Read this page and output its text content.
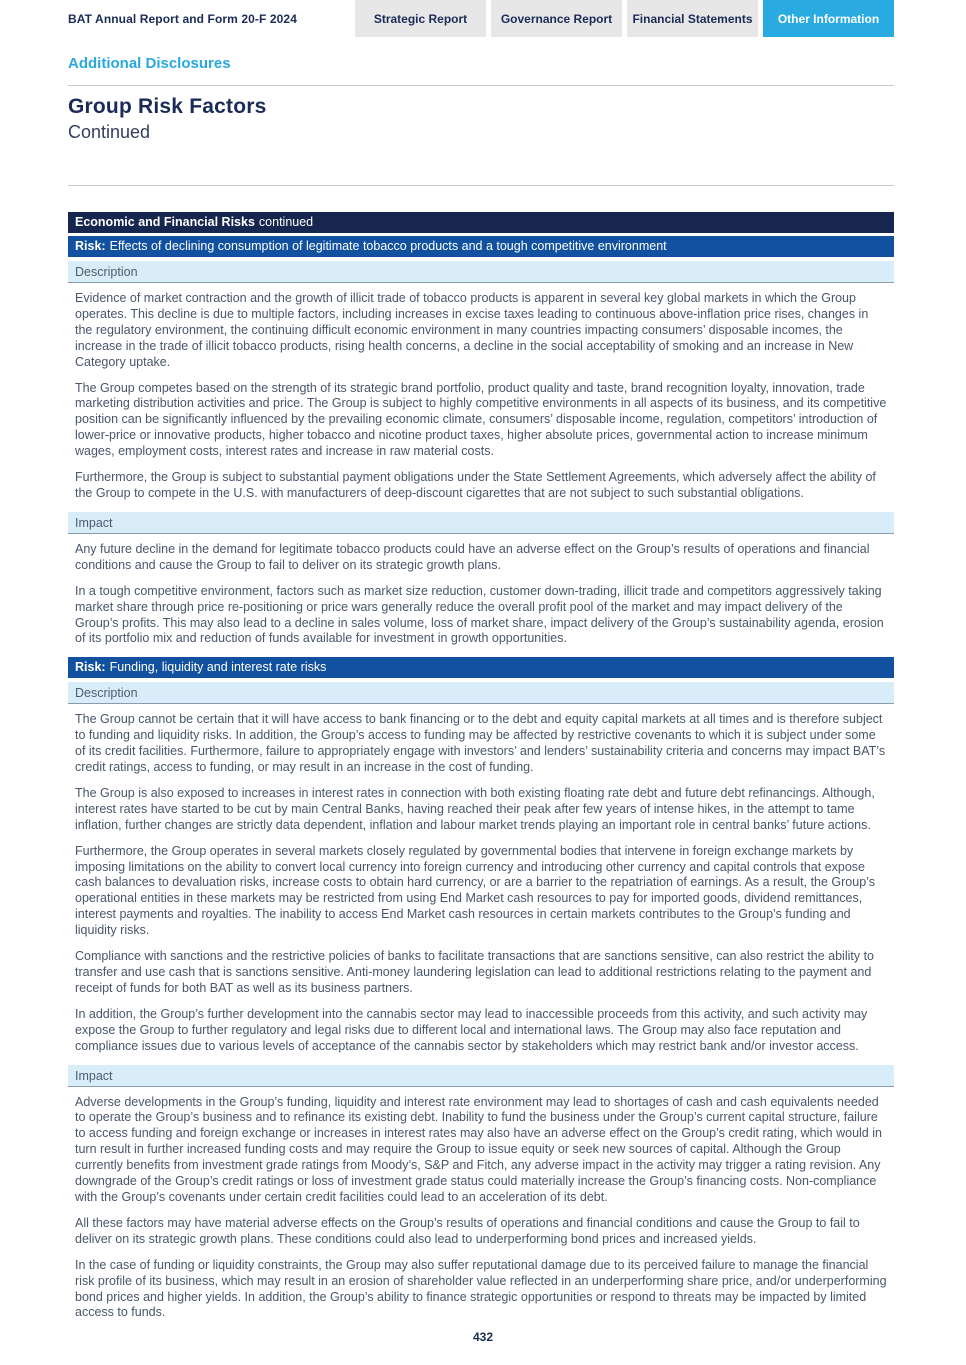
BAT Annual Report and Form 20-F 2024	Strategic Report	Governance Report Financial Statements Other Information
Additional Disclosures
Group Risk Factors
Continued
Economic and Financial Risks continued
Risk: Effects of declining consumption of legitimate tobacco products and a tough competitive environment
Description

Evidence of market contraction and the growth of illicit trade of tobacco products is apparent in several key global markets in which the Group operates. This decline is due to multiple factors, including increases in excise taxes leading to continuous above-inflation price rises, changes in the regulatory environment, the continuing difficult economic environment in many countries impacting consumers’ disposable incomes, the increase in the trade of illicit tobacco products, rising health concerns, a decline in the social acceptability of smoking and an increase in New Category uptake.

The Group competes based on the strength of its strategic brand portfolio, product quality and taste, brand recognition loyalty, innovation, trade marketing distribution activities and price. The Group is subject to highly competitive environments in all aspects of its business, and its competitive position can be significantly influenced by the prevailing economic climate, consumers’ disposable income, regulation, competitors’ introduction of lower-price or innovative products, higher tobacco and nicotine product taxes, higher absolute prices, governmental action to increase minimum wages, employment costs, interest rates and increase in raw material costs.

Furthermore, the Group is subject to substantial payment obligations under the State Settlement Agreements, which adversely affect the ability of the Group to compete in the U.S. with manufacturers of deep-discount cigarettes that are not subject to such substantial obligations.

Impact

Any future decline in the demand for legitimate tobacco products could have an adverse effect on the Group’s results of operations and financial conditions and cause the Group to fail to deliver on its strategic growth plans.

In a tough competitive environment, factors such as market size reduction, customer down-trading, illicit trade and competitors aggressively taking market share through price re-positioning or price wars generally reduce the overall profit pool of the market and may impact delivery of the Group’s profits. This may also lead to a decline in sales volume, loss of market share, impact delivery of the Group’s sustainability agenda, erosion of its portfolio mix and reduction of funds available for investment in growth opportunities.

Risk: Funding, liquidity and interest rate risks
Description

The Group cannot be certain that it will have access to bank financing or to the debt and equity capital markets at all times and is therefore subject to funding and liquidity risks. In addition, the Group’s access to funding may be affected by restrictive covenants to which it is subject under some of its credit facilities. Furthermore, failure to appropriately engage with investors’ and lenders’ sustainability criteria and concerns may impact BAT’s credit ratings, access to funding, or may result in an increase in the cost of funding.

The Group is also exposed to increases in interest rates in connection with both existing floating rate debt and future debt refinancings. Although, interest rates have started to be cut by main Central Banks, having reached their peak after few years of intense hikes, in the attempt to tame inflation, further changes are strictly data dependent, inflation and labour market trends playing an important role in central banks’ future actions.

Furthermore, the Group operates in several markets closely regulated by governmental bodies that intervene in foreign exchange markets by imposing limitations on the ability to convert local currency into foreign currency and introducing other currency and capital controls that expose cash balances to devaluation risks, increase costs to obtain hard currency, or are a barrier to the repatriation of earnings. As a result, the Group’s operational entities in these markets may be restricted from using End Market cash resources to pay for imported goods, dividend remittances, interest payments and royalties. The inability to access End Market cash resources in certain markets contributes to the Group’s funding and liquidity risks.

Compliance with sanctions and the restrictive policies of banks to facilitate transactions that are sanctions sensitive, can also restrict the ability to transfer and use cash that is sanctions sensitive. Anti-money laundering legislation can lead to additional restrictions relating to the payment and receipt of funds for both BAT as well as its business partners.

In addition, the Group’s further development into the cannabis sector may lead to inaccessible proceeds from this activity, and such activity may expose the Group to further regulatory and legal risks due to different local and international laws. The Group may also face reputation and compliance issues due to various levels of acceptance of the cannabis sector by stakeholders which may restrict bank and/or investor access.

Impact

Adverse developments in the Group’s funding, liquidity and interest rate environment may lead to shortages of cash and cash equivalents needed to operate the Group’s business and to refinance its existing debt. Inability to fund the business under the Group’s current capital structure, failure to access funding and foreign exchange or increases in interest rates may also have an adverse effect on the Group’s credit rating, which would in turn result in further increased funding costs and may require the Group to issue equity or seek new sources of capital. Although the Group currently benefits from investment grade ratings from Moody’s, S&P and Fitch, any adverse impact in the activity may trigger a rating revision. Any downgrade of the Group’s credit ratings or loss of investment grade status could materially increase the Group’s financing costs. Non-compliance with the Group’s covenants under certain credit facilities could lead to an acceleration of its debt.

All these factors may have material adverse effects on the Group’s results of operations and financial conditions and cause the Group to fail to deliver on its strategic growth plans. These conditions could also lead to underperforming bond prices and increased yields.

In the case of funding or liquidity constraints, the Group may also suffer reputational damage due to its perceived failure to manage the financial risk profile of its business, which may result in an erosion of shareholder value reflected in an underperforming share price, and/or underperforming bond prices and higher yields. In addition, the Group’s ability to finance strategic opportunities or respond to threats may be impacted by limited access to funds.

432
